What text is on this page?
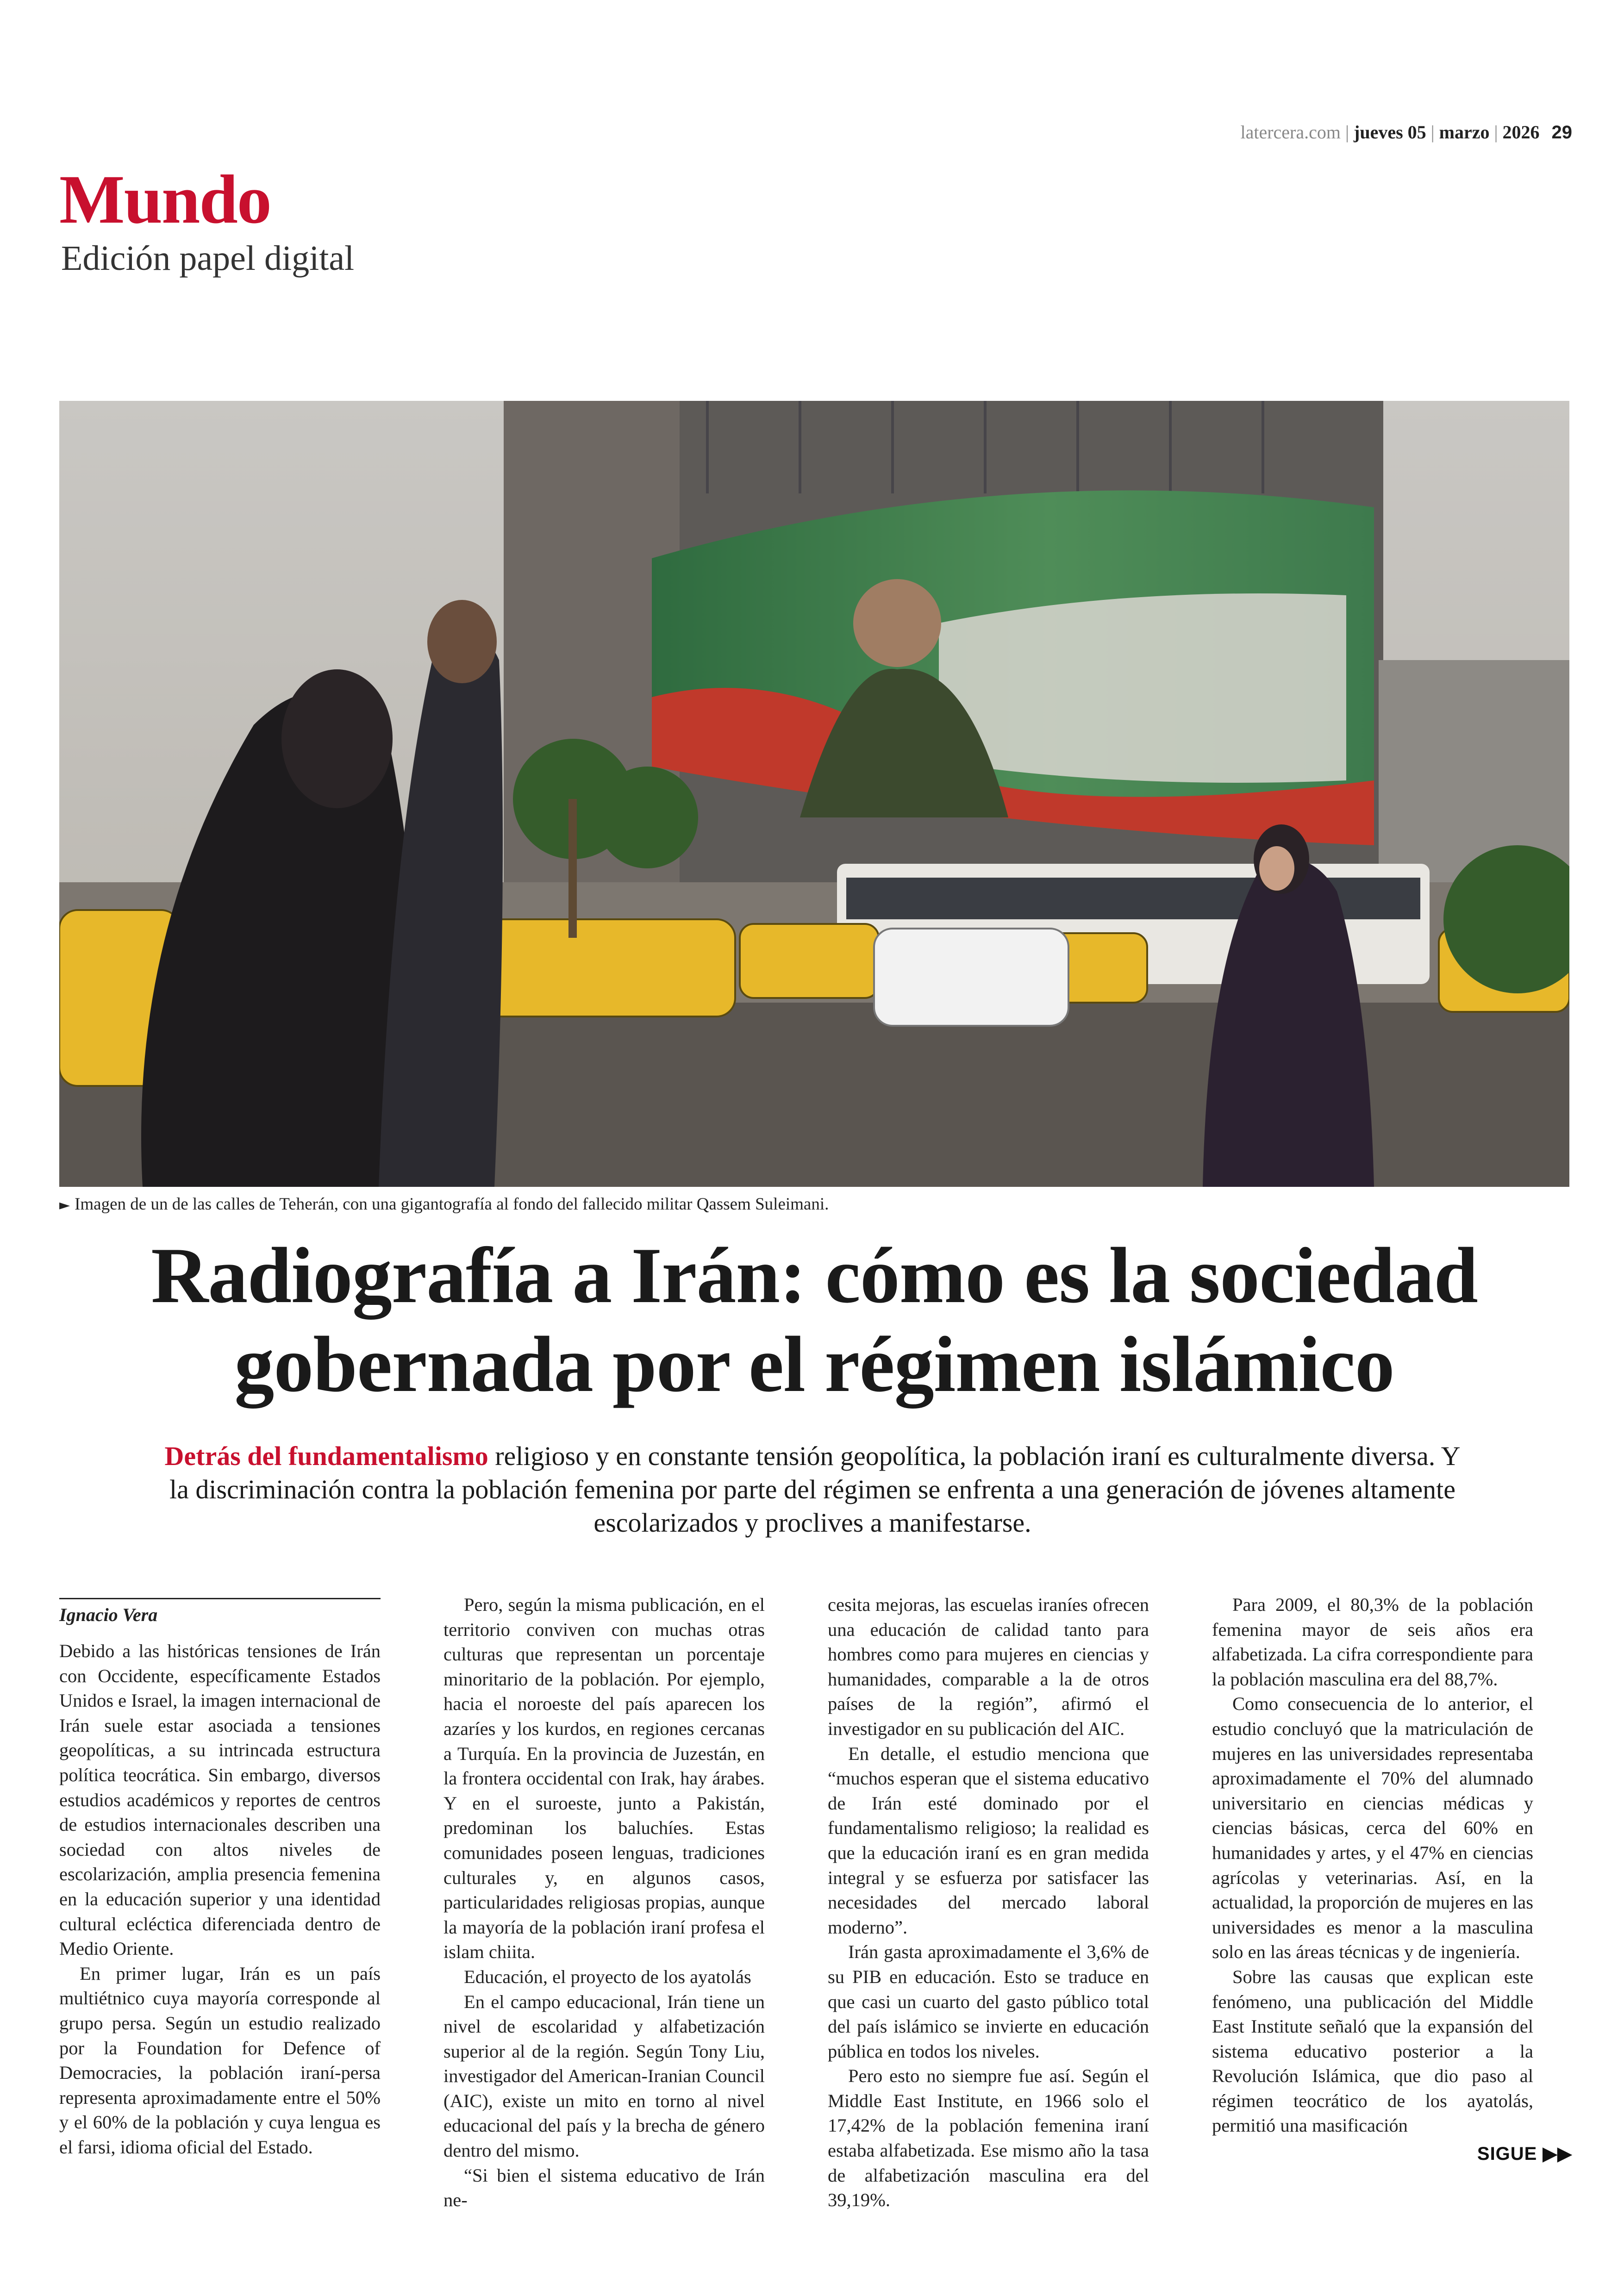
latercera.com | jueves 05 | marzo | 2026 29
Mundo
Edición papel digital
► Imagen de un de las calles de Teherán, con una gigantografía al fondo del fallecido militar Qassem Suleimani.
Radiografía a Irán: cómo es la sociedad
gobernada por el régimen islámico
Detrás del fundamentalismo religioso y en constante tensión geopolítica, la población iraní es culturalmente diversa. Y la discriminación contra la población femenina por parte del régimen se enfrenta a una generación de jóvenes altamente escolarizados y proclives a manifestarse.
Ignacio Vera

Debido a las históricas tensiones de Irán con Occidente, específicamente Estados Unidos e Israel, la imagen internacional de Irán suele estar asociada a tensiones geopolíticas, a su intrincada estructura política teocrática. Sin embargo, diversos estudios académicos y reportes de centros de estudios internacionales describen una sociedad con altos niveles de escolarización, amplia presencia femenina en la educación superior y una identidad cultural ecléctica diferenciada dentro de Medio Oriente.

En primer lugar, Irán es un país multiétnico cuya mayoría corresponde al grupo persa. Según un estudio realizado por la Foundation for Defence of Democracies, la población iraní-persa representa aproximadamente entre el 50% y el 60% de la población y cuya lengua es el farsi, idioma oficial del Estado.

Pero, según la misma publicación, en el territorio conviven con muchas otras culturas que representan un porcentaje minoritario de la población. Por ejemplo, hacia el noroeste del país aparecen los azaríes y los kurdos, en regiones cercanas a Turquía. En la provincia de Juzestán, en la frontera occidental con Irak, hay árabes. Y en el suroeste, junto a Pakistán, predominan los baluchíes. Estas comunidades poseen lenguas, tradiciones culturales y, en algunos casos, particularidades religiosas propias, aunque la mayoría de la población iraní profesa el islam chiita.

Educación, el proyecto de los ayatolás

En el campo educacional, Irán tiene un nivel de escolaridad y alfabetización superior al de la región. Según Tony Liu, investigador del American-Iranian Council (AIC), existe un mito en torno al nivel educacional del país y la brecha de género dentro del mismo.

“Si bien el sistema educativo de Irán ne-

cesita mejoras, las escuelas iraníes ofrecen una educación de calidad tanto para hombres como para mujeres en ciencias y humanidades, comparable a la de otros países de la región”, afirmó el investigador en su publicación del AIC.

En detalle, el estudio menciona que “muchos esperan que el sistema educativo de Irán esté dominado por el fundamentalismo religioso; la realidad es que la educación iraní es en gran medida integral y se esfuerza por satisfacer las necesidades del mercado laboral moderno”.

Irán gasta aproximadamente el 3,6% de su PIB en educación. Esto se traduce en que casi un cuarto del gasto público total del país islámico se invierte en educación pública en todos los niveles.

Pero esto no siempre fue así. Según el Middle East Institute, en 1966 solo el 17,42% de la población femenina iraní estaba alfabetizada. Ese mismo año la tasa de alfabetización masculina era del 39,19%.

Para 2009, el 80,3% de la población femenina mayor de seis años era alfabetizada. La cifra correspondiente para la población masculina era del 88,7%.

Como consecuencia de lo anterior, el estudio concluyó que la matriculación de mujeres en las universidades representaba aproximadamente el 70% del alumnado universitario en ciencias médicas y ciencias básicas, cerca del 60% en humanidades y artes, y el 47% en ciencias agrícolas y veterinarias. Así, en la actualidad, la proporción de mujeres en las universidades es menor a la masculina solo en las áreas técnicas y de ingeniería.

Sobre las causas que explican este fenómeno, una publicación del Middle East Institute señaló que la expansión del sistema educativo posterior a la Revolución Islámica, que dio paso al régimen teocrático de los ayatolás, permitió una masificación

SIGUE ▶▶
